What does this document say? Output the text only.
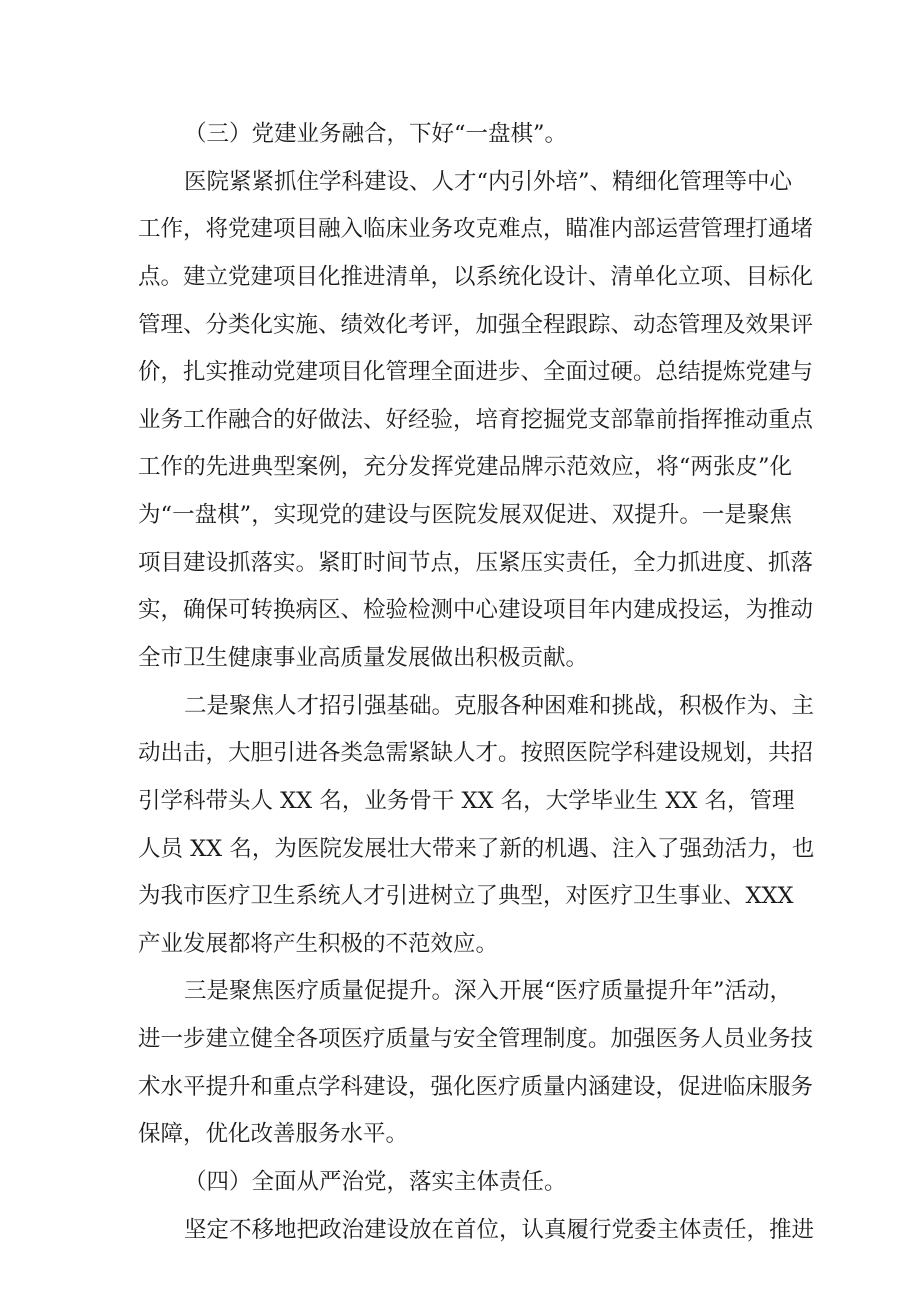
（三）党建业务融合，下好“一盘棋”。
医院紧紧抓住学科建设、人才“内引外培”、精细化管理等中心
工作，将党建项目融入临床业务攻克难点，瞄准内部运营管理打通堵
点。建立党建项目化推进清单，以系统化设计、清单化立项、目标化
管理、分类化实施、绩效化考评，加强全程跟踪、动态管理及效果评
价，扎实推动党建项目化管理全面进步、全面过硬。总结提炼党建与
业务工作融合的好做法、好经验，培育挖掘党支部靠前指挥推动重点
工作的先进典型案例，充分发挥党建品牌示范效应，将“两张皮”化
为“一盘棋”，实现党的建设与医院发展双促进、双提升。一是聚焦
项目建设抓落实。紧盯时间节点，压紧压实责任，全力抓进度、抓落
实，确保可转换病区、检验检测中心建设项目年内建成投运，为推动
全市卫生健康事业高质量发展做出积极贡献。
二是聚焦人才招引强基础。克服各种困难和挑战，积极作为、主
动出击，大胆引进各类急需紧缺人才。按照医院学科建设规划，共招
引学科带头人 XX 名，业务骨干 XX 名，大学毕业生 XX 名，管理
人员 XX 名，为医院发展壮大带来了新的机遇、注入了强劲活力，也
为我市医疗卫生系统人才引进树立了典型，对医疗卫生事业、XXX
产业发展都将产生积极的不范效应。
三是聚焦医疗质量促提升。深入开展“医疗质量提升年”活动，
进一步建立健全各项医疗质量与安全管理制度。加强医务人员业务技
术水平提升和重点学科建设，强化医疗质量内涵建设，促进临床服务
保障，优化改善服务水平。
（四）全面从严治党，落实主体责任。
坚定不移地把政治建设放在首位，认真履行党委主体责任，推进
